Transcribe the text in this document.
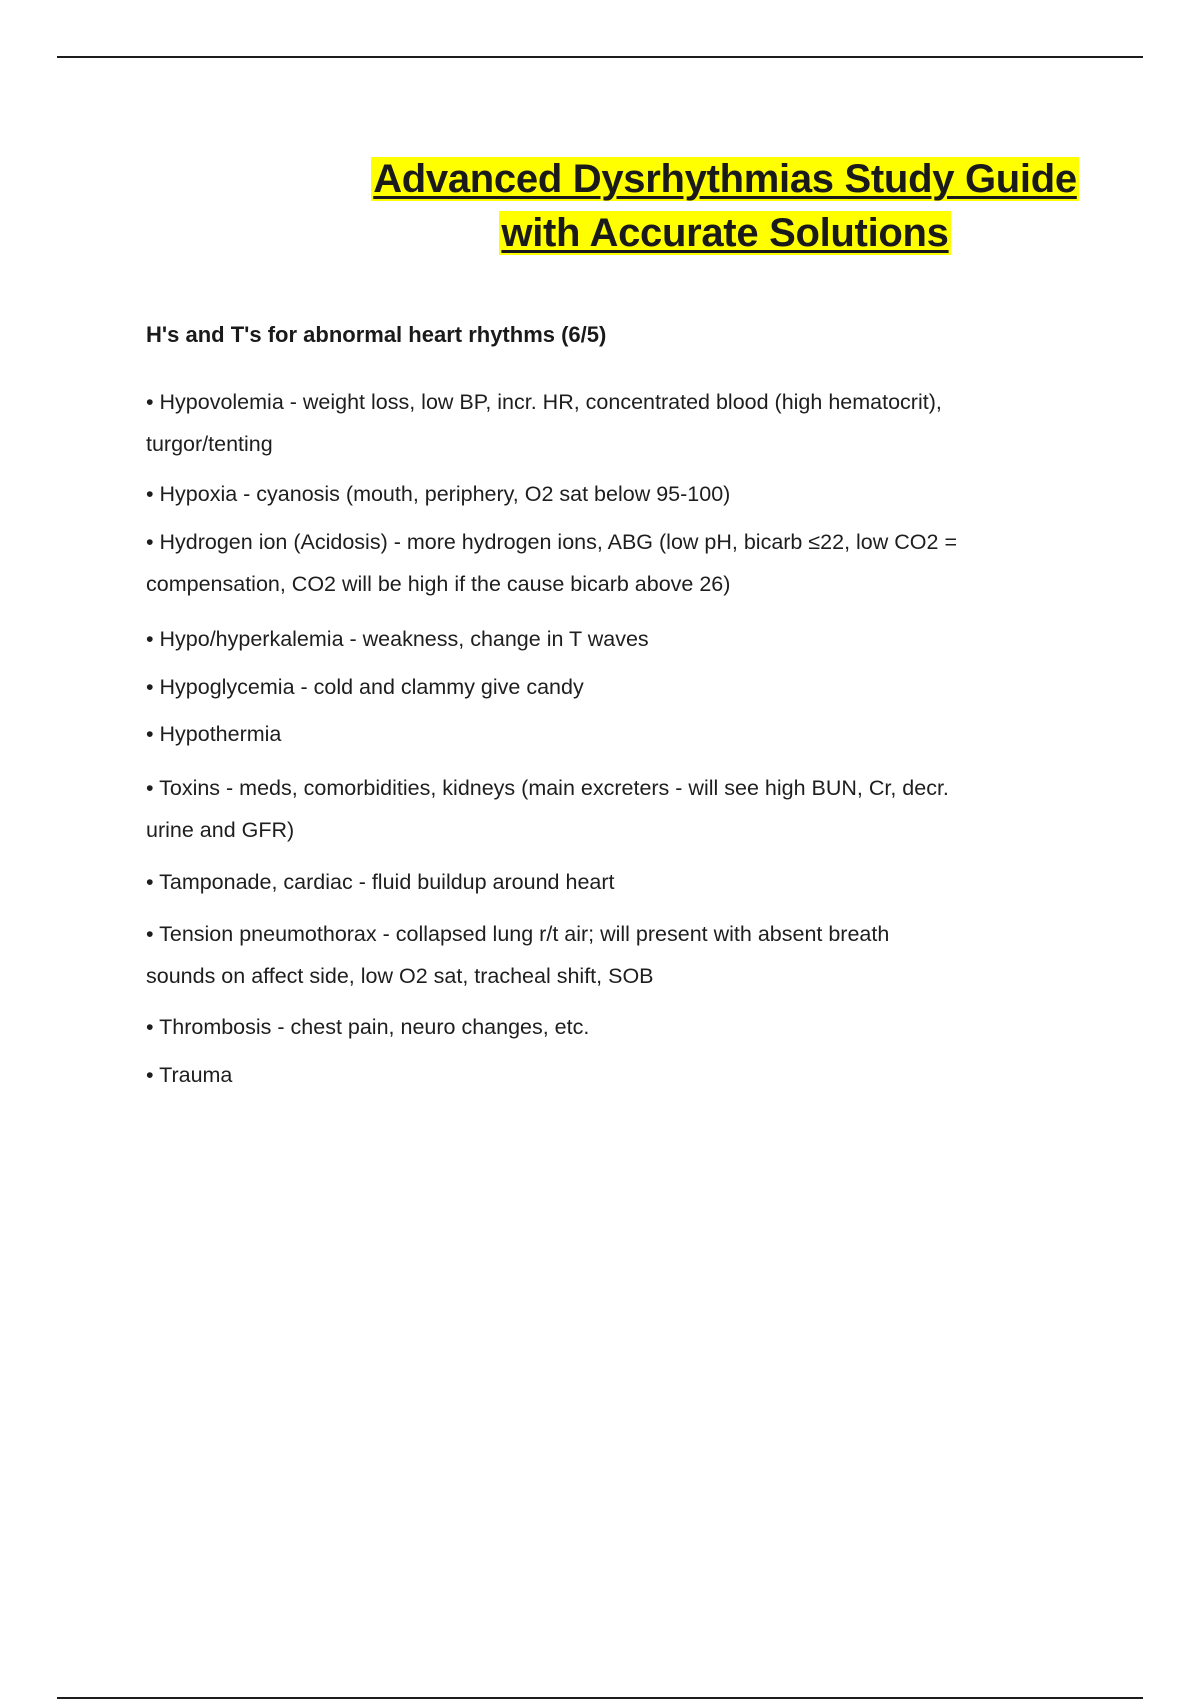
Advanced Dysrhythmias Study Guide
with Accurate Solutions
H's and T's for abnormal heart rhythms (6/5)
• Hypovolemia - weight loss, low BP, incr. HR, concentrated blood (high hematocrit),
turgor/tenting
• Hypoxia - cyanosis (mouth, periphery, O2 sat below 95-100)
• Hydrogen ion (Acidosis) - more hydrogen ions, ABG (low pH, bicarb ≤22, low CO2 =
compensation, CO2 will be high if the cause bicarb above 26)
• Hypo/hyperkalemia - weakness, change in T waves
• Hypoglycemia - cold and clammy give candy
• Hypothermia
• Toxins - meds, comorbidities, kidneys (main excreters - will see high BUN, Cr, decr.
urine and GFR)
• Tamponade, cardiac - fluid buildup around heart
• Tension pneumothorax - collapsed lung r/t air; will present with absent breath
sounds on affect side, low O2 sat, tracheal shift, SOB
• Thrombosis - chest pain, neuro changes, etc.
• Trauma
